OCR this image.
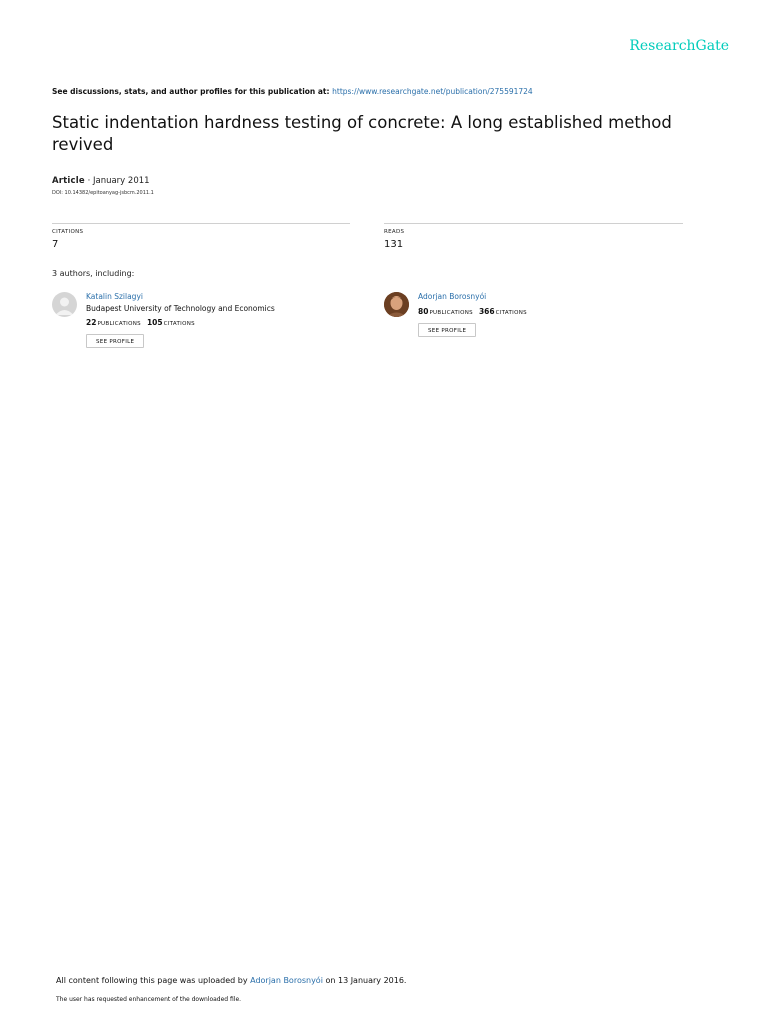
ResearchGate
See discussions, stats, and author profiles for this publication at: https://www.researchgate.net/publication/275591724
Static indentation hardness testing of concrete: A long established method revived
Article · January 2011
DOI: 10.14382/epitoanyag-jsbcm.2011.1
CITATIONS
7
READS
131
3 authors, including:
Katalin Szilagyi
Budapest University of Technology and Economics
22PUBLICATIONS 105CITATIONS
SEE PROFILE
Adorjan Borosnyói
80PUBLICATIONS 366CITATIONS
SEE PROFILE
All content following this page was uploaded by Adorjan Borosnyói on 13 January 2016.
The user has requested enhancement of the downloaded file.
